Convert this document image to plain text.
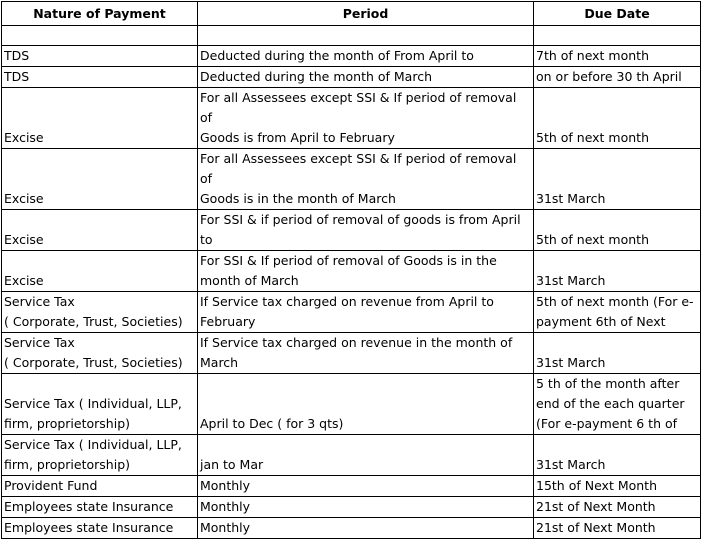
Nature of Payment	Period	Due Date

TDS	Deducted during the month of From April to	7th of next month

TDS	Deducted during the month of March	on or before 30 th April

Excise	For all Assessees except SSI & If period of removal of
Goods is from April to February	5th of next month

Excise	For all Assessees except SSI & If period of removal of
Goods is in the month of March	31st March

Excise	For SSI & if period of removal of goods is from April to	5th of next month

Excise	For SSI & If period of removal of Goods is in the
month of March	31st March

Service Tax
( Corporate, Trust, Societies)	If Service tax charged on revenue from April to
February	5th of next month (For e-
payment 6th of Next

Service Tax
( Corporate, Trust, Societies)	If Service tax charged on revenue in the month of
March	31st March

Service Tax ( Individual, LLP,
firm, proprietorship)	April to Dec ( for 3 qts)	5 th of the month after
end of the each quarter
(For e-payment 6 th of

Service Tax ( Individual, LLP,
firm, proprietorship)	jan to Mar	31st March

Provident Fund	Monthly	15th of Next Month

Employees state Insurance	Monthly	21st of Next Month

Employees state Insurance	Monthly	21st of Next Month
